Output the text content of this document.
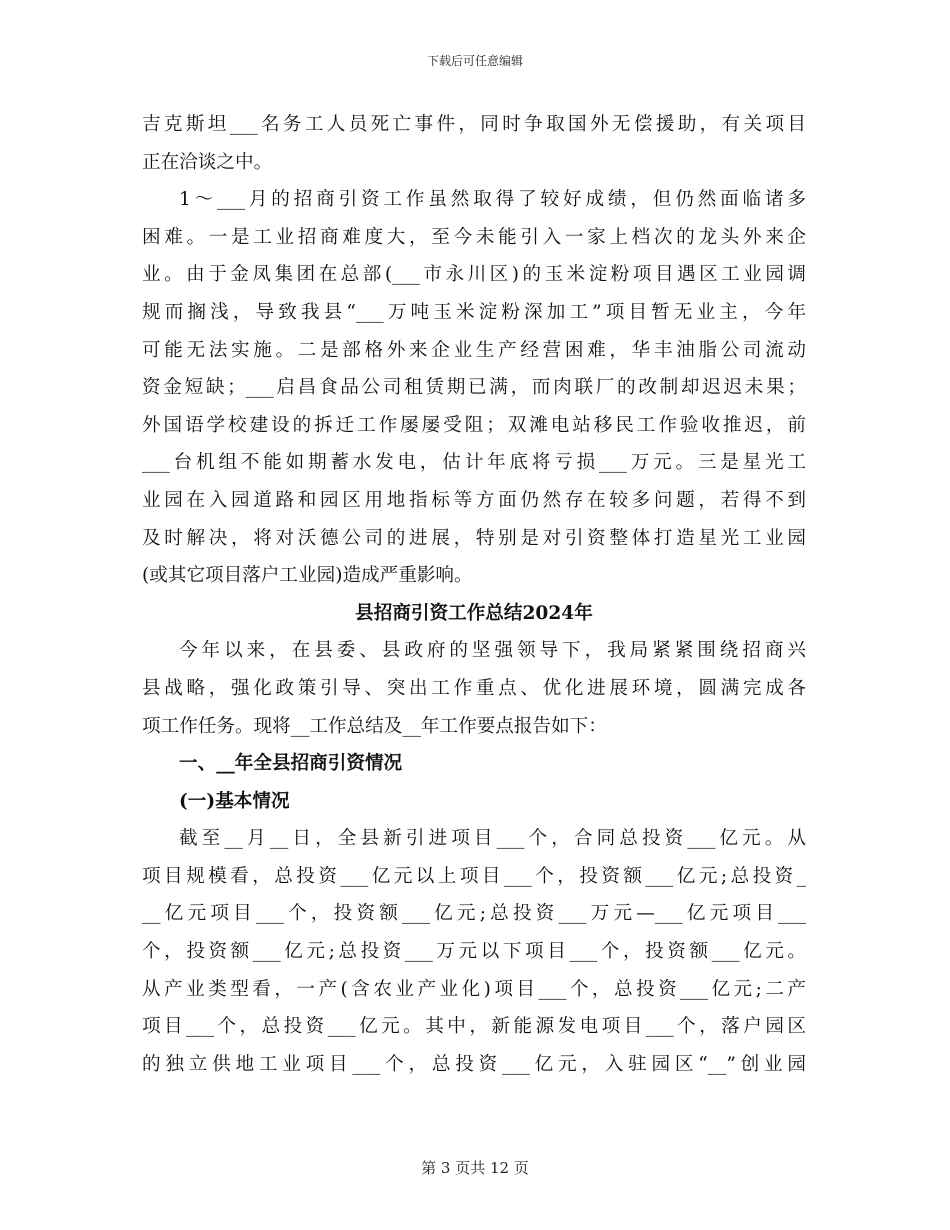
下载后可任意编辑
吉克斯坦___名务工人员死亡事件，同时争取国外无偿援助，有关项目
正在洽谈之中。
1～___月的招商引资工作虽然取得了较好成绩，但仍然面临诸多
困难。一是工业招商难度大，至今未能引入一家上档次的龙头外来企
业。由于金凤集团在总部(___市永川区)的玉米淀粉项目遇区工业园调
规而搁浅，导致我县“___万吨玉米淀粉深加工”项目暂无业主，今年
可能无法实施。二是部格外来企业生产经营困难，华丰油脂公司流动
资金短缺；___启昌食品公司租赁期已满，而肉联厂的改制却迟迟未果；
外国语学校建设的拆迁工作屡屡受阻；双滩电站移民工作验收推迟，前
___台机组不能如期蓄水发电，估计年底将亏损___万元。三是星光工
业园在入园道路和园区用地指标等方面仍然存在较多问题，若得不到
及时解决，将对沃德公司的进展，特别是对引资整体打造星光工业园
(或其它项目落户工业园)造成严重影响。
县招商引资工作总结2024年
今年以来，在县委、县政府的坚强领导下，我局紧紧围绕招商兴
县战略，强化政策引导、突出工作重点、优化进展环境，圆满完成各
项工作任务。现将__工作总结及__年工作要点报告如下：
一、__年全县招商引资情况
(一)基本情况
截至__月__日，全县新引进项目___个，合同总投资___亿元。从
项目规模看，总投资___亿元以上项目___个，投资额___亿元;总投资_
__亿元项目___个，投资额___亿元;总投资___万元—___亿元项目___
个，投资额___亿元;总投资___万元以下项目___个，投资额___亿元。
从产业类型看，一产(含农业产业化)项目___个，总投资___亿元;二产
项目___个，总投资___亿元。其中，新能源发电项目___个，落户园区
的独立供地工业项目___个，总投资___亿元，入驻园区“__”创业园
第 3 页共 12 页
